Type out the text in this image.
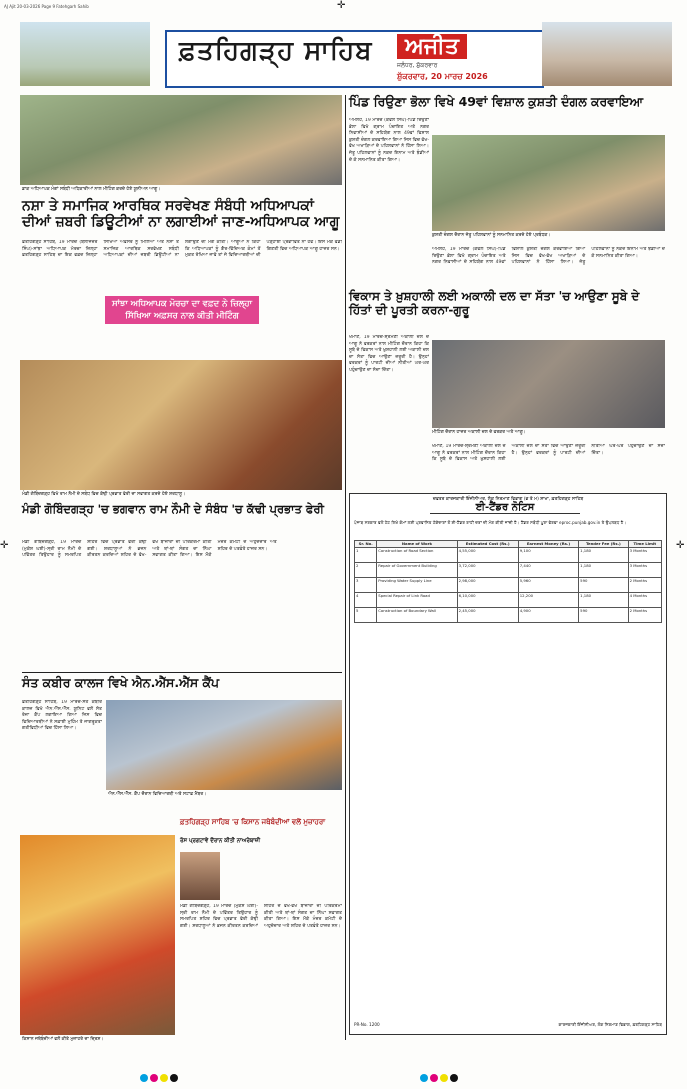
✛
✛	✛
AJ Ajit 20-03-2026 Page 9 Fatehgarh Sahib
ਫ਼ਤਹਿਗੜ੍ਹ ਸਾਹਿਬ	ਅਜੀਤ
ਜਲੰਧਰ, ਸ਼ੁੱਕਰਵਾਰ
ਸ਼ੁੱਕਰਵਾਰ, 20 ਮਾਰਚ 2026
ਡਾਕ ਅਧਿਆਪਕ ਮੰਗਾਂ ਸਬੰਧੀ ਅਧਿਕਾਰੀਆਂ ਨਾਲ ਮੀਟਿੰਗ ਕਰਦੇ ਹੋਏ ਯੂਨੀਅਨ ਆਗੂ।
ਨਸ਼ਾ ਤੇ ਸਮਾਜਿਕ ਆਰਥਿਕ ਸਰਵੇਖਣ ਸੰਬੰਧੀ ਅਧਿਆਪਕਾਂ ਦੀਆਂ ਜ਼ਬਰੀ ਡਿਊਟੀਆਂ ਨਾ ਲਗਾਈਆਂ ਜਾਣ-ਅਧਿਆਪਕ ਆਗੂ
ਫ਼ਤਹਿਗੜ੍ਹ ਸਾਹਿਬ, 19 ਮਾਰਚ (ਬਲਜਿੰਦਰ ਸਿੰਘ)-ਸਾਂਝਾ ਅਧਿਆਪਕ ਮੋਰਚਾ ਜ਼ਿਲ੍ਹਾ ਫ਼ਤਹਿਗੜ੍ਹ ਸਾਹਿਬ ਦਾ ਇਕ ਵਫ਼ਦ ਜ਼ਿਲ੍ਹਾ ਸਿੱਖਿਆ ਅਫ਼ਸਰ ਨੂੰ ਮਿਲਿਆ ਅਤੇ ਨਸ਼ਾ ਤੇ ਸਮਾਜਿਕ ਆਰਥਿਕ ਸਰਵੇਖਣ ਸਬੰਧੀ ਅਧਿਆਪਕਾਂ ਦੀਆਂ ਜ਼ਬਰੀ ਡਿਊਟੀਆਂ ਨਾ ਲਗਾਉਣ ਦੀ ਮੰਗ ਕੀਤੀ। ਆਗੂਆਂ ਨੇ ਕਿਹਾ ਕਿ ਅਧਿਆਪਕਾਂ ਨੂੰ ਗ਼ੈਰ-ਵਿੱਦਿਅਕ ਕੰਮਾਂ ਤੋਂ ਮੁਕਤ ਰੱਖਿਆ ਜਾਵੇ ਤਾਂ ਜੋ ਵਿਦਿਆਰਥੀਆਂ ਦੀ ਪੜ੍ਹਾਈ ਪ੍ਰਭਾਵਿਤ ਨਾ ਹੋਵੇ। ਇਸ ਮੌਕੇ ਵੱਡੀ ਗਿਣਤੀ ਵਿਚ ਅਧਿਆਪਕ ਆਗੂ ਹਾਜ਼ਰ ਸਨ।
ਸਾਂਝਾ ਅਧਿਆਪਕ ਮੋਰਚਾ ਦਾ ਵਫ਼ਦ ਨੇ ਜ਼ਿਲ੍ਹਾ ਸਿੱਖਿਆ ਅਫ਼ਸਰ ਨਾਲ ਕੀਤੀ ਮੀਟਿੰਗ
ਮੰਡੀ ਗੋਬਿੰਦਗੜ੍ਹ ਵਿਖੇ ਰਾਮ ਨੌਮੀ ਦੇ ਸਬੰਧ ਵਿਚ ਕੱਢੀ ਪ੍ਰਭਾਤ ਫੇਰੀ ਦਾ ਸਵਾਗਤ ਕਰਦੇ ਹੋਏ ਸ਼ਰਧਾਲੂ।
ਮੰਡੀ ਗੋਬਿੰਦਗੜ੍ਹ 'ਚ ਭਗਵਾਨ ਰਾਮ ਨੌਮੀ ਦੇ ਸੰਬੰਧ 'ਚ ਕੱਢੀ ਪ੍ਰਭਾਤ ਫੇਰੀ
ਮੰਡੀ ਗੋਬਿੰਦਗੜ੍ਹ, 19 ਮਾਰਚ (ਮੁਕੇਸ਼ ਘਈ)-ਸ੍ਰੀ ਰਾਮ ਨੌਮੀ ਦੇ ਪਵਿੱਤਰ ਤਿਉਹਾਰ ਨੂੰ ਸਮਰਪਿਤ ਸ਼ਹਿਰ ਵਿਚ ਪ੍ਰਭਾਤ ਫੇਰੀ ਕੱਢੀ ਗਈ। ਸ਼ਰਧਾਲੂਆਂ ਨੇ ਭਜਨ ਕੀਰਤਨ ਕਰਦਿਆਂ ਸ਼ਹਿਰ ਦੇ ਵੱਖ-ਵੱਖ ਬਾਜ਼ਾਰਾਂ ਦੀ ਪਰਿਕਰਮਾ ਕੀਤੀ ਅਤੇ ਥਾਂ-ਥਾਂ ਸੰਗਤ ਦਾ ਨਿੱਘਾ ਸਵਾਗਤ ਕੀਤਾ ਗਿਆ। ਇਸ ਮੌਕੇ ਮੰਦਰ ਕਮੇਟੀ ਦੇ ਅਹੁਦੇਦਾਰ ਅਤੇ ਸ਼ਹਿਰ ਦੇ ਪਤਵੰਤੇ ਹਾਜ਼ਰ ਸਨ।
ਸੰਤ ਕਬੀਰ ਕਾਲਜ ਵਿਖੇ ਐਨ.ਐੱਸ.ਐੱਸ ਕੈਂਪ
ਫ਼ਤਹਿਗੜ੍ਹ ਸਾਹਿਬ, 19 ਮਾਰਚ-ਸੰਤ ਕਬੀਰ ਕਾਲਜ ਵਿਖੇ ਐਨ.ਐੱਸ.ਐੱਸ. ਯੂਨਿਟ ਵਲੋਂ ਸੱਤ ਰੋਜ਼ਾ ਕੈਂਪ ਲਗਾਇਆ ਗਿਆ ਜਿਸ ਵਿਚ ਵਿਦਿਆਰਥੀਆਂ ਨੇ ਸਫ਼ਾਈ ਮੁਹਿੰਮ ਤੇ ਜਾਗਰੂਕਤਾ ਗਤੀਵਿਧੀਆਂ ਵਿਚ ਹਿੱਸਾ ਲਿਆ।
ਐਨ.ਐੱਸ.ਐੱਸ. ਕੈਂਪ ਦੌਰਾਨ ਵਿਦਿਆਰਥੀ ਅਤੇ ਸਟਾਫ਼ ਮੈਂਬਰ।
ਫ਼ਤਹਿਗੜ੍ਹ ਸਾਹਿਬ 'ਚ ਕਿਸਾਨ ਜਥੇਬੰਦੀਆਂ ਵਲੋਂ ਮੁਜ਼ਾਹਰਾ
ਰੋਸ ਪ੍ਰਗਟਾਵੇ ਦੌਰਾਨ ਕੀਤੀ ਨਾਅਰੇਬਾਜ਼ੀ
ਮੰਡੀ ਗੋਬਿੰਦਗੜ੍ਹ, 19 ਮਾਰਚ (ਮੁਕੇਸ਼ ਘਈ)-ਸ੍ਰੀ ਰਾਮ ਨੌਮੀ ਦੇ ਪਵਿੱਤਰ ਤਿਉਹਾਰ ਨੂੰ ਸਮਰਪਿਤ ਸ਼ਹਿਰ ਵਿਚ ਪ੍ਰਭਾਤ ਫੇਰੀ ਕੱਢੀ ਗਈ। ਸ਼ਰਧਾਲੂਆਂ ਨੇ ਭਜਨ ਕੀਰਤਨ ਕਰਦਿਆਂ ਸ਼ਹਿਰ ਦੇ ਵੱਖ-ਵੱਖ ਬਾਜ਼ਾਰਾਂ ਦੀ ਪਰਿਕਰਮਾ ਕੀਤੀ ਅਤੇ ਥਾਂ-ਥਾਂ ਸੰਗਤ ਦਾ ਨਿੱਘਾ ਸਵਾਗਤ ਕੀਤਾ ਗਿਆ। ਇਸ ਮੌਕੇ ਮੰਦਰ ਕਮੇਟੀ ਦੇ ਅਹੁਦੇਦਾਰ ਅਤੇ ਸ਼ਹਿਰ ਦੇ ਪਤਵੰਤੇ ਹਾਜ਼ਰ ਸਨ।
ਕਿਸਾਨ ਜਥੇਬੰਦੀਆਂ ਵਲੋਂ ਕੀਤੇ ਮੁਜ਼ਾਹਰੇ ਦਾ ਦ੍ਰਿਸ਼।
ਪਿੰਡ ਰਿਉਣਾ ਭੋਲਾ ਵਿਖੇ 49ਵਾਂ ਵਿਸ਼ਾਲ ਕੁਸ਼ਤੀ ਦੰਗਲ ਕਰਵਾਇਆ
ਅਮਲੋਹ, 19 ਮਾਰਚ (ਕੇਵਲ ਸਿੰਘ)-ਪਿੰਡ ਰਿਉਣਾ ਭੋਲਾ ਵਿਖੇ ਗ੍ਰਾਮ ਪੰਚਾਇਤ ਅਤੇ ਨਗਰ ਨਿਵਾਸੀਆਂ ਦੇ ਸਹਿਯੋਗ ਨਾਲ 49ਵਾਂ ਵਿਸ਼ਾਲ ਕੁਸ਼ਤੀ ਦੰਗਲ ਕਰਵਾਇਆ ਗਿਆ ਜਿਸ ਵਿਚ ਵੱਖ-ਵੱਖ ਅਖਾੜਿਆਂ ਦੇ ਪਹਿਲਵਾਨਾਂ ਨੇ ਹਿੱਸਾ ਲਿਆ। ਜੇਤੂ ਪਹਿਲਵਾਨਾਂ ਨੂੰ ਨਕਦ ਇਨਾਮ ਅਤੇ ਝੰਡੀਆਂ ਦੇ ਕੇ ਸਨਮਾਨਿਤ ਕੀਤਾ ਗਿਆ।
ਕੁਸ਼ਤੀ ਦੰਗਲ ਦੌਰਾਨ ਜੇਤੂ ਪਹਿਲਵਾਨਾਂ ਨੂੰ ਸਨਮਾਨਿਤ ਕਰਦੇ ਹੋਏ ਪ੍ਰਬੰਧਕ।
ਅਮਲੋਹ, 19 ਮਾਰਚ (ਕੇਵਲ ਸਿੰਘ)-ਪਿੰਡ ਰਿਉਣਾ ਭੋਲਾ ਵਿਖੇ ਗ੍ਰਾਮ ਪੰਚਾਇਤ ਅਤੇ ਨਗਰ ਨਿਵਾਸੀਆਂ ਦੇ ਸਹਿਯੋਗ ਨਾਲ 49ਵਾਂ ਵਿਸ਼ਾਲ ਕੁਸ਼ਤੀ ਦੰਗਲ ਕਰਵਾਇਆ ਗਿਆ ਜਿਸ ਵਿਚ ਵੱਖ-ਵੱਖ ਅਖਾੜਿਆਂ ਦੇ ਪਹਿਲਵਾਨਾਂ ਨੇ ਹਿੱਸਾ ਲਿਆ। ਜੇਤੂ ਪਹਿਲਵਾਨਾਂ ਨੂੰ ਨਕਦ ਇਨਾਮ ਅਤੇ ਝੰਡੀਆਂ ਦੇ ਕੇ ਸਨਮਾਨਿਤ ਕੀਤਾ ਗਿਆ।
ਵਿਕਾਸ ਤੇ ਖ਼ੁਸ਼ਹਾਲੀ ਲਈ ਅਕਾਲੀ ਦਲ ਦਾ ਸੱਤਾ 'ਚ ਆਉਣਾ ਸੂਬੇ ਦੇ ਹਿੱਤਾਂ ਦੀ ਪੂਰਤੀ ਕਰਨਾ-ਗੁਰੂ
ਖਮਾਣੋਂ, 19 ਮਾਰਚ-ਸ਼੍ਰੋਮਣੀ ਅਕਾਲੀ ਦਲ ਦੇ ਆਗੂ ਨੇ ਵਰਕਰਾਂ ਨਾਲ ਮੀਟਿੰਗ ਦੌਰਾਨ ਕਿਹਾ ਕਿ ਸੂਬੇ ਦੇ ਵਿਕਾਸ ਅਤੇ ਖ਼ੁਸ਼ਹਾਲੀ ਲਈ ਅਕਾਲੀ ਦਲ ਦਾ ਸੱਤਾ ਵਿਚ ਆਉਣਾ ਜ਼ਰੂਰੀ ਹੈ। ਉਨ੍ਹਾਂ ਵਰਕਰਾਂ ਨੂੰ ਪਾਰਟੀ ਦੀਆਂ ਨੀਤੀਆਂ ਘਰ-ਘਰ ਪਹੁੰਚਾਉਣ ਦਾ ਸੱਦਾ ਦਿੱਤਾ।
ਮੀਟਿੰਗ ਦੌਰਾਨ ਹਾਜ਼ਰ ਅਕਾਲੀ ਦਲ ਦੇ ਵਰਕਰ ਅਤੇ ਆਗੂ।
ਖਮਾਣੋਂ, 19 ਮਾਰਚ-ਸ਼੍ਰੋਮਣੀ ਅਕਾਲੀ ਦਲ ਦੇ ਆਗੂ ਨੇ ਵਰਕਰਾਂ ਨਾਲ ਮੀਟਿੰਗ ਦੌਰਾਨ ਕਿਹਾ ਕਿ ਸੂਬੇ ਦੇ ਵਿਕਾਸ ਅਤੇ ਖ਼ੁਸ਼ਹਾਲੀ ਲਈ ਅਕਾਲੀ ਦਲ ਦਾ ਸੱਤਾ ਵਿਚ ਆਉਣਾ ਜ਼ਰੂਰੀ ਹੈ। ਉਨ੍ਹਾਂ ਵਰਕਰਾਂ ਨੂੰ ਪਾਰਟੀ ਦੀਆਂ ਨੀਤੀਆਂ ਘਰ-ਘਰ ਪਹੁੰਚਾਉਣ ਦਾ ਸੱਦਾ ਦਿੱਤਾ।
ਦਫ਼ਤਰ ਕਾਰਜਕਾਰੀ ਇੰਜੀਨੀਅਰ, ਲੋਕ ਨਿਰਮਾਣ ਵਿਭਾਗ (ਭ ਤੇ ਮ) ਸ਼ਾਖਾ, ਫ਼ਤਹਿਗੜ੍ਹ ਸਾਹਿਬ
ਈ-ਟੈਂਡਰ ਨੋਟਿਸ
ਪੰਜਾਬ ਸਰਕਾਰ ਵਲੋਂ ਹੇਠ ਲਿਖੇ ਕੰਮਾਂ ਲਈ ਪ੍ਰਵਾਨਿਤ ਠੇਕੇਦਾਰਾਂ ਤੋਂ ਈ-ਟੈਂਡਰ ਰਾਹੀਂ ਦਰਾਂ ਦੀ ਮੰਗ ਕੀਤੀ ਜਾਂਦੀ ਹੈ। ਟੈਂਡਰ ਸਬੰਧੀ ਪੂਰਾ ਵੇਰਵਾ eproc.punjab.gov.in ਤੇ ਉਪਲਬਧ ਹੈ।
Sr. No.	Name of Work	Estimated Cost (Rs.)	Earnest Money (Rs.)	Tender Fee (Rs.)	Time Limit
1	Construction of Road Section	4,55,000	9,100	1,180	3 Months
2	Repair of Government Building	3,72,000	7,440	1,180	3 Months
3	Providing Water Supply Line	2,98,000	5,960	590	2 Months
4	Special Repair of Link Road	6,10,000	12,200	1,180	4 Months
5	Construction of Boundary Wall	2,45,000	4,900	590	2 Months
PR-No. 1200	ਕਾਰਜਕਾਰੀ ਇੰਜੀਨੀਅਰ, ਲੋਕ ਨਿਰਮਾਣ ਵਿਭਾਗ, ਫ਼ਤਹਿਗੜ੍ਹ ਸਾਹਿਬ
